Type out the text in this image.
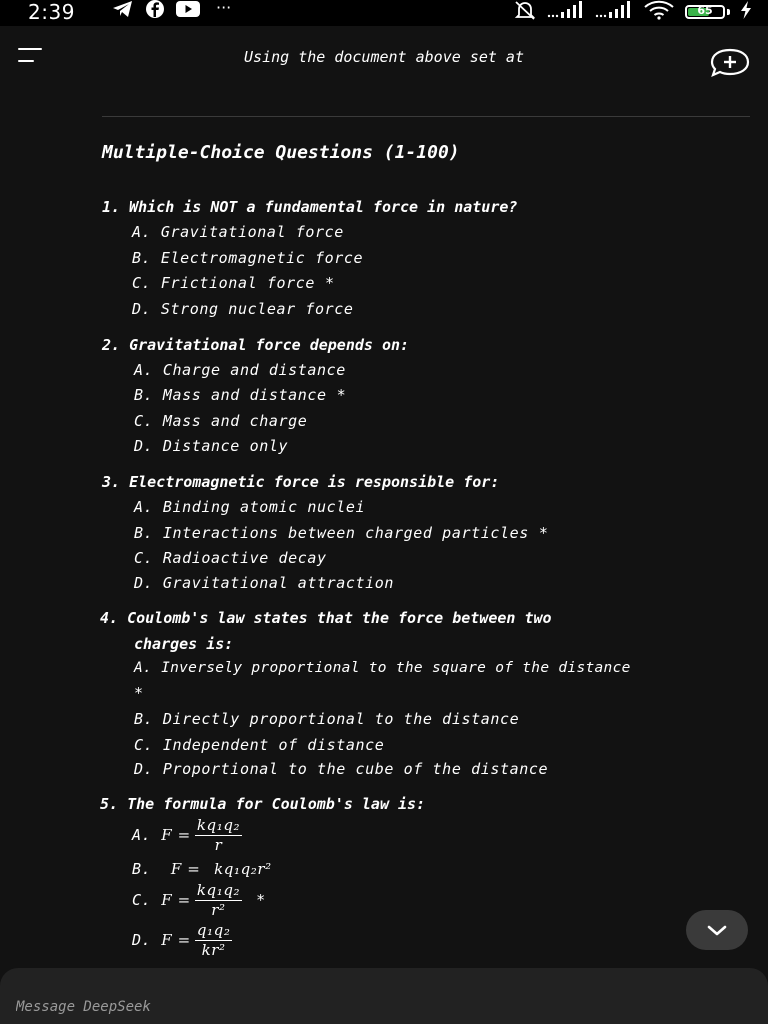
2:39	···	65
Using the document above set at
Multiple-Choice Questions (1-100)
1. Which is NOT a fundamental force in nature?
A. Gravitational force
B. Electromagnetic force
C. Frictional force *
D. Strong nuclear force
2. Gravitational force depends on:
A. Charge and distance
B. Mass and distance *
C. Mass and charge
D. Distance only
3. Electromagnetic force is responsible for:
A. Binding atomic nuclei
B. Interactions between charged particles *
C. Radioactive decay
D. Gravitational attraction
4. Coulomb's law states that the force between two
charges is:
A. Inversely proportional to the square of the distance
*
B. Directly proportional to the distance
C. Independent of distance
D. Proportional to the cube of the distance
5. The formula for Coulomb's law is:
A. $F = \frac{\text{kq₁q₂}}{r}$
B. F = kq₁q₂r²
C. $F = \frac{\text{kq₁q₂}}{\text{r²}}$ *
D. $F = \frac{\text{q₁q₂}}{\text{kr²}}$
Message DeepSeek
